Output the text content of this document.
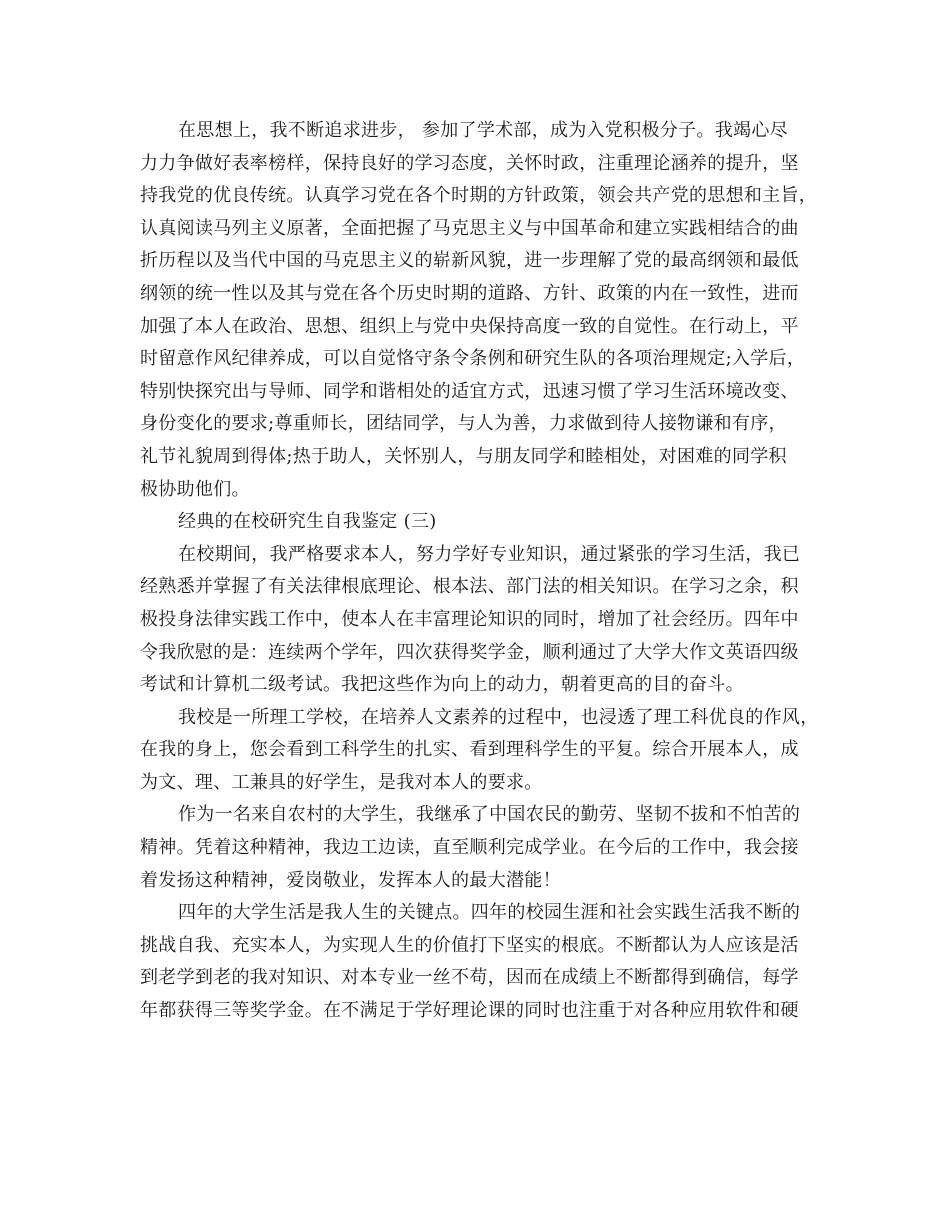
在思想上，我不断追求进步， 参加了学术部，成为入党积极分子。我竭心尽
力力争做好表率榜样，保持良好的学习态度，关怀时政，注重理论涵养的提升，坚
持我党的优良传统。认真学习党在各个时期的方针政策，领会共产党的思想和主旨，
认真阅读马列主义原著，全面把握了马克思主义与中国革命和建立实践相结合的曲
折历程以及当代中国的马克思主义的崭新风貌，进一步理解了党的最高纲领和最低
纲领的统一性以及其与党在各个历史时期的道路、方针、政策的内在一致性，进而
加强了本人在政治、思想、组织上与党中央保持高度一致的自觉性。在行动上，平
时留意作风纪律养成，可以自觉恪守条令条例和研究生队的各项治理规定;入学后，
特别快探究出与导师、同学和谐相处的适宜方式，迅速习惯了学习生活环境改变、
身份变化的要求;尊重师长，团结同学，与人为善，力求做到待人接物谦和有序，
礼节礼貌周到得体;热于助人，关怀别人，与朋友同学和睦相处，对困难的同学积
极协助他们。
经典的在校研究生自我鉴定 (三)
在校期间，我严格要求本人，努力学好专业知识，通过紧张的学习生活，我已
经熟悉并掌握了有关法律根底理论、根本法、部门法的相关知识。在学习之余，积
极投身法律实践工作中，使本人在丰富理论知识的同时，增加了社会经历。四年中
令我欣慰的是：连续两个学年，四次获得奖学金，顺利通过了大学大作文英语四级
考试和计算机二级考试。我把这些作为向上的动力，朝着更高的目的奋斗。
我校是一所理工学校，在培养人文素养的过程中，也浸透了理工科优良的作风，
在我的身上，您会看到工科学生的扎实、看到理科学生的平复。综合开展本人，成
为文、理、工兼具的好学生，是我对本人的要求。
作为一名来自农村的大学生，我继承了中国农民的勤劳、坚韧不拔和不怕苦的
精神。凭着这种精神，我边工边读，直至顺利完成学业。在今后的工作中，我会接
着发扬这种精神，爱岗敬业，发挥本人的最大潜能！
四年的大学生活是我人生的关键点。四年的校园生涯和社会实践生活我不断的
挑战自我、充实本人，为实现人生的价值打下坚实的根底。不断都认为人应该是活
到老学到老的我对知识、对本专业一丝不苟，因而在成绩上不断都得到确信，每学
年都获得三等奖学金。在不满足于学好理论课的同时也注重于对各种应用软件和硬
